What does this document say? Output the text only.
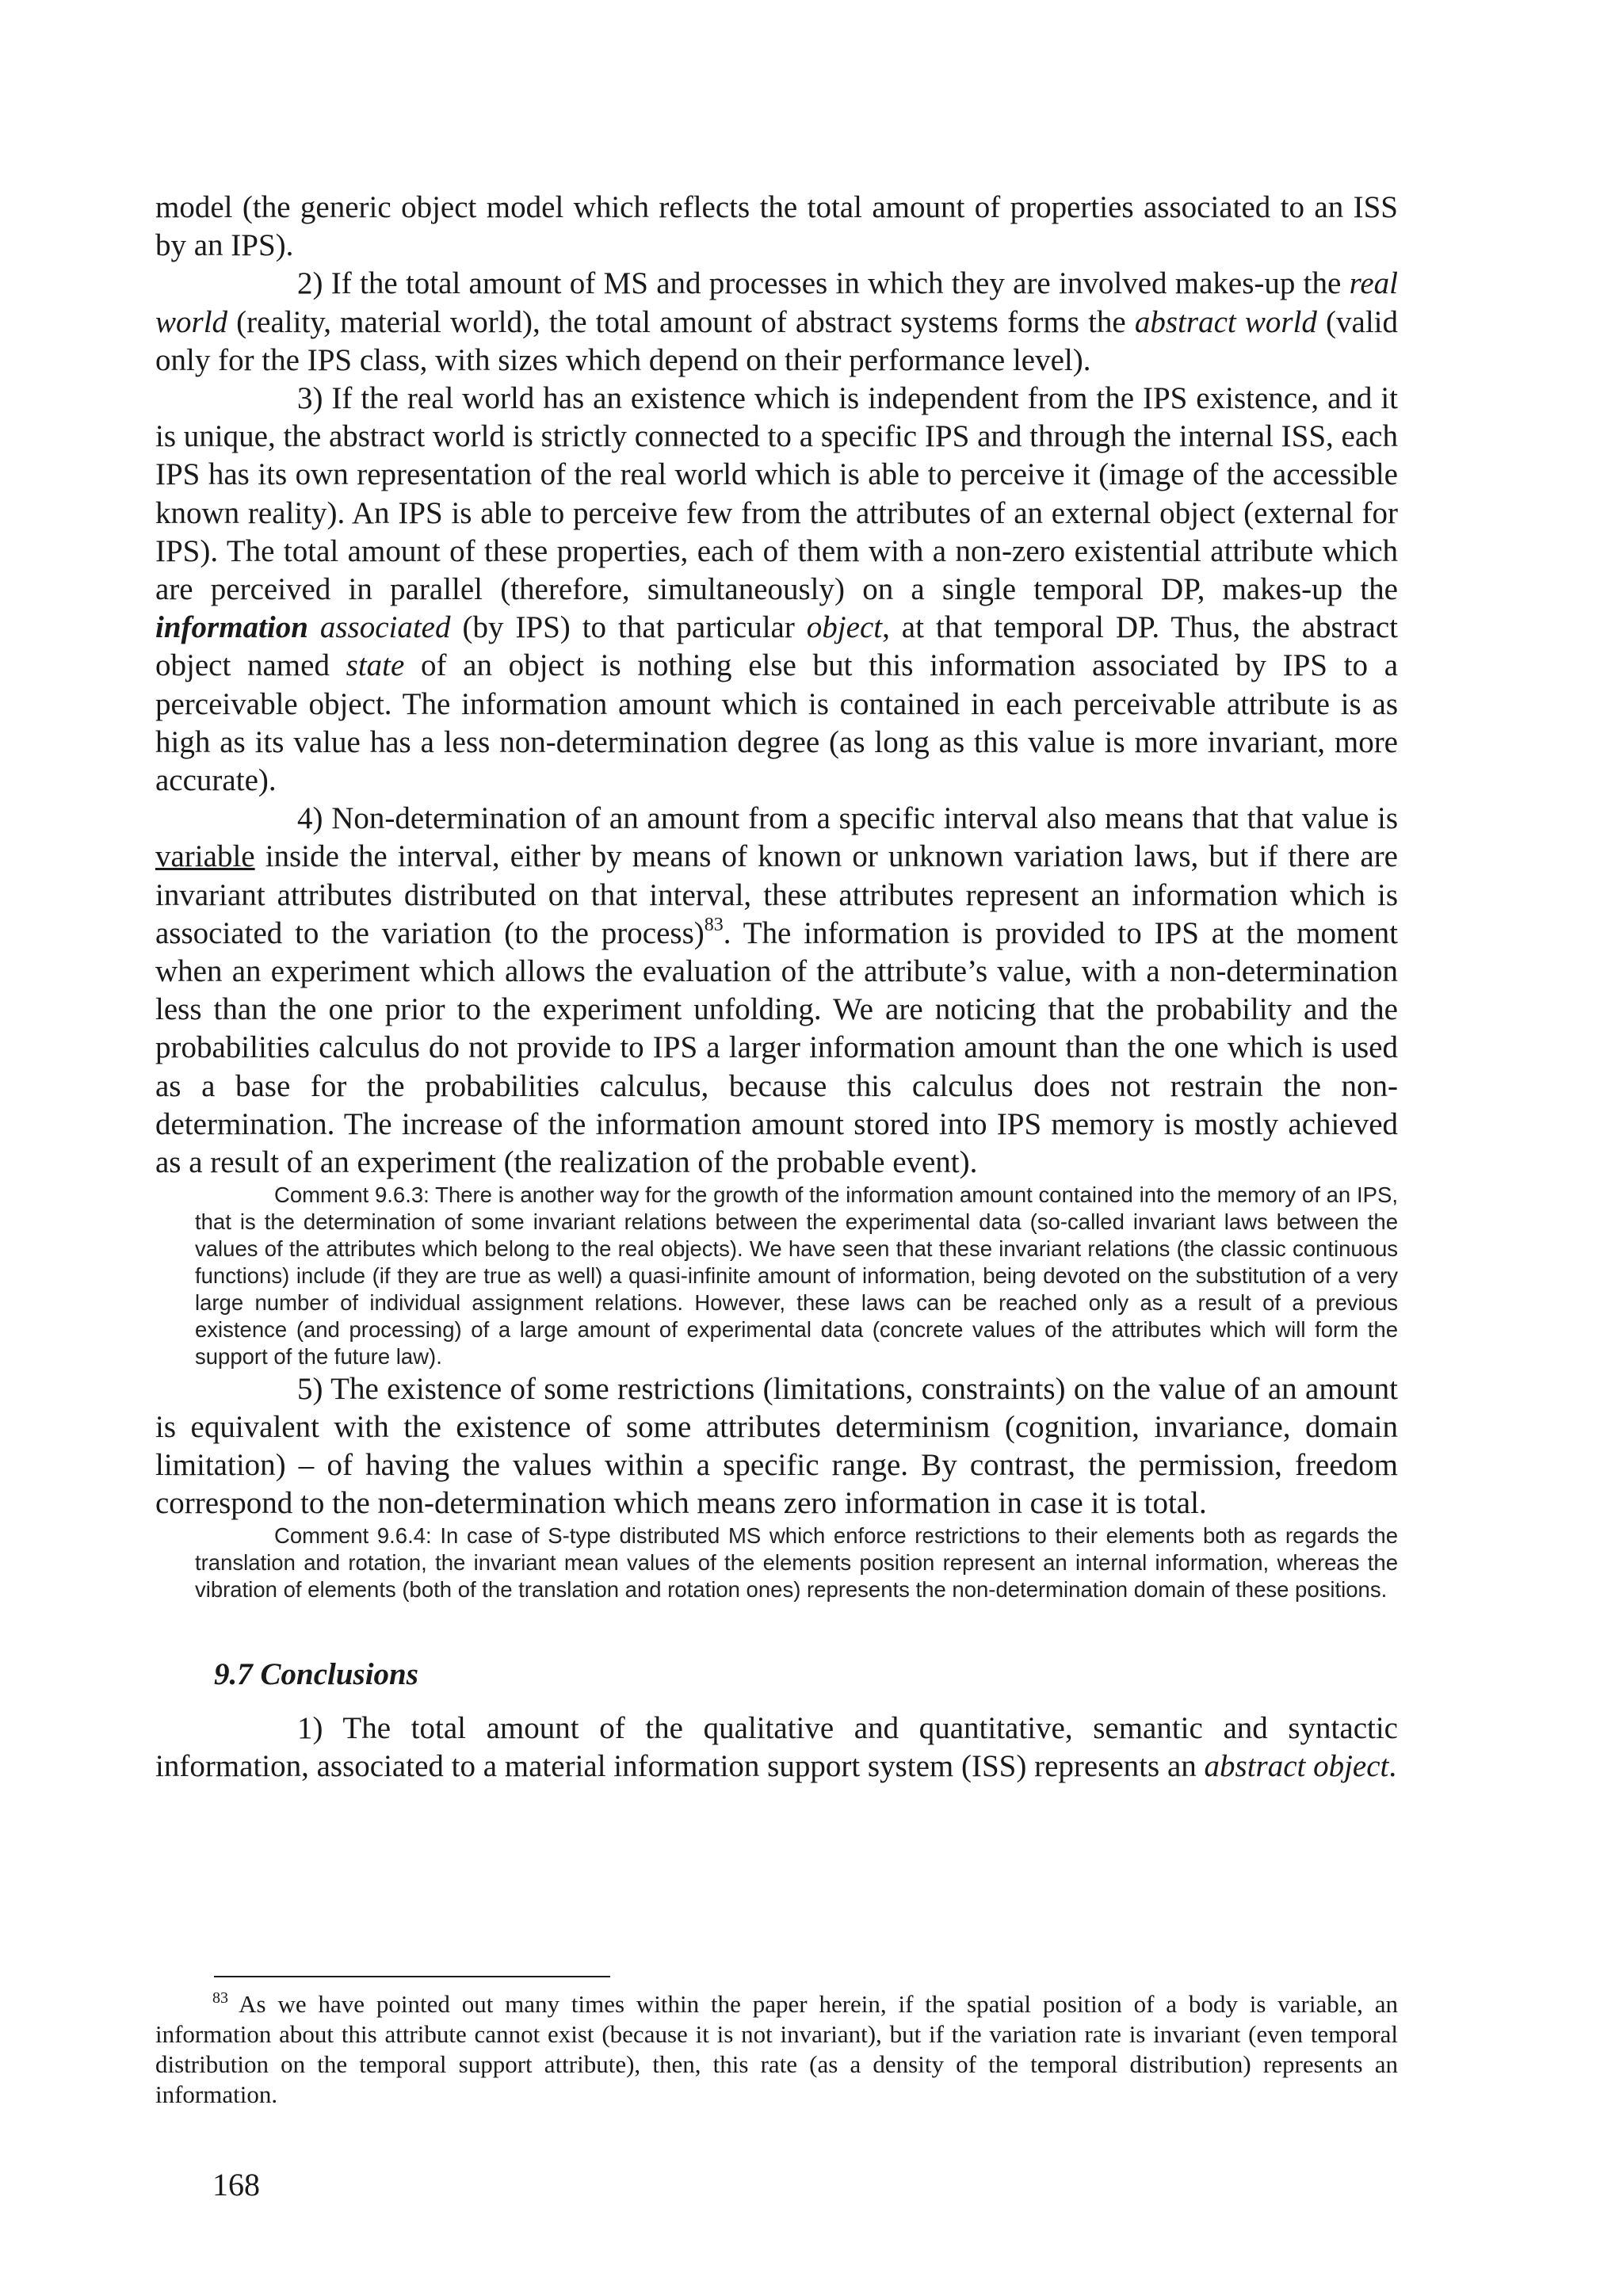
model (the generic object model which reflects the total amount of properties associated to an ISS by an IPS).

2) If the total amount of MS and processes in which they are involved makes-up the real world (reality, material world), the total amount of abstract systems forms the abstract world (valid only for the IPS class, with sizes which depend on their performance level).

3) If the real world has an existence which is independent from the IPS existence, and it is unique, the abstract world is strictly connected to a specific IPS and through the internal ISS, each IPS has its own representation of the real world which is able to perceive it (image of the accessible known reality). An IPS is able to perceive few from the attributes of an external object (external for IPS). The total amount of these properties, each of them with a non-zero existential attribute which are perceived in parallel (therefore, simultaneously) on a single temporal DP, makes-up the information associated (by IPS) to that particular object, at that temporal DP. Thus, the abstract object named state of an object is nothing else but this information associated by IPS to a perceivable object. The information amount which is contained in each perceivable attribute is as high as its value has a less non-determination degree (as long as this value is more invariant, more accurate).

4) Non-determination of an amount from a specific interval also means that that value is variable inside the interval, either by means of known or unknown variation laws, but if there are invariant attributes distributed on that interval, these attributes represent an information which is associated to the variation (to the process)$^{83}$. The information is provided to IPS at the moment when an experiment which allows the evaluation of the attribute’s value, with a non-determination less than the one prior to the experiment unfolding. We are noticing that the probability and the probabilities calculus do not provide to IPS a larger information amount than the one which is used as a base for the probabilities calculus, because this calculus does not restrain the non-determination. The increase of the information amount stored into IPS memory is mostly achieved as a result of an experiment (the realization of the probable event).

Comment 9.6.3: There is another way for the growth of the information amount contained into the memory of an IPS, that is the determination of some invariant relations between the experimental data (so-called invariant laws between the values of the attributes which belong to the real objects). We have seen that these invariant relations (the classic continuous functions) include (if they are true as well) a quasi-infinite amount of information, being devoted on the substitution of a very large number of individual assignment relations. However, these laws can be reached only as a result of a previous existence (and processing) of a large amount of experimental data (concrete values of the attributes which will form the support of the future law).

5) The existence of some restrictions (limitations, constraints) on the value of an amount is equivalent with the existence of some attributes determinism (cognition, invariance, domain limitation) – of having the values within a specific range. By contrast, the permission, freedom correspond to the non-determination which means zero information in case it is total.

Comment 9.6.4: In case of S-type distributed MS which enforce restrictions to their elements both as regards the translation and rotation, the invariant mean values of the elements position represent an internal information, whereas the vibration of elements (both of the translation and rotation ones) represents the non-determination domain of these positions.

9.7 Conclusions

1) The total amount of the qualitative and quantitative, semantic and syntactic information, associated to a material information support system (ISS) represents an abstract object.

$^{83}$ As we have pointed out many times within the paper herein, if the spatial position of a body is variable, an information about this attribute cannot exist (because it is not invariant), but if the variation rate is invariant (even temporal distribution on the temporal support attribute), then, this rate (as a density of the temporal distribution) represents an information.

168
